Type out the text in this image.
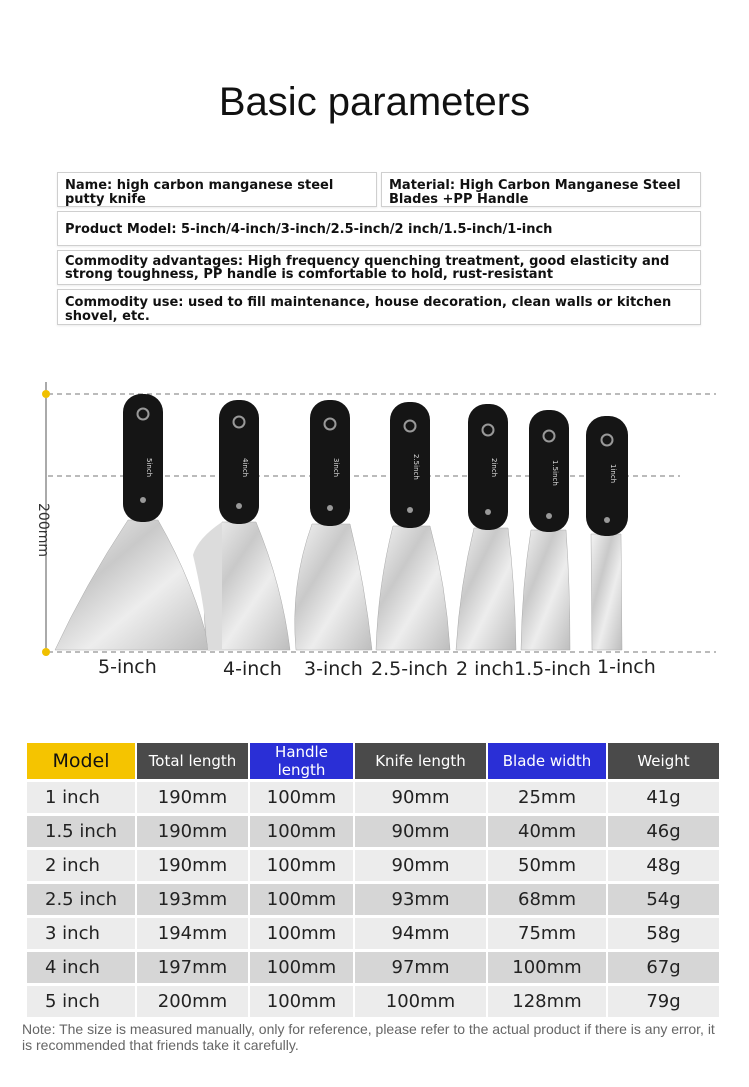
Basic parameters
Name: high carbon manganese steel putty knife
Material: High Carbon Manganese Steel Blades +PP Handle
Product Model: 5-inch/4-inch/3-inch/2.5-inch/2 inch/1.5-inch/1-inch
Commodity advantages: High frequency quenching treatment, good elasticity and strong toughness, PP handle is comfortable to hold, rust-resistant
Commodity use: used to fill maintenance, house decoration, clean walls or kitchen shovel, etc.
200mm
5inch	4inch	3inch	2.5inch	2inch	1.5inch	1inch
5-inch	4-inch 3-inch 2.5-inch 2 inch 1.5-inch 1-inch
Model	Total length	Handle length	Knife length	Blade width	Weight
1 inch	190mm	100mm	90mm	25mm	41g
1.5 inch	190mm	100mm	90mm	40mm	46g
2 inch	190mm	100mm	90mm	50mm	48g
2.5 inch	193mm	100mm	93mm	68mm	54g
3 inch	194mm	100mm	94mm	75mm	58g
4 inch	197mm	100mm	97mm	100mm	67g
5 inch	200mm	100mm	100mm	128mm	79g
Note: The size is measured manually, only for reference, please refer to the actual product if there is any error, it is recommended that friends take it carefully.
